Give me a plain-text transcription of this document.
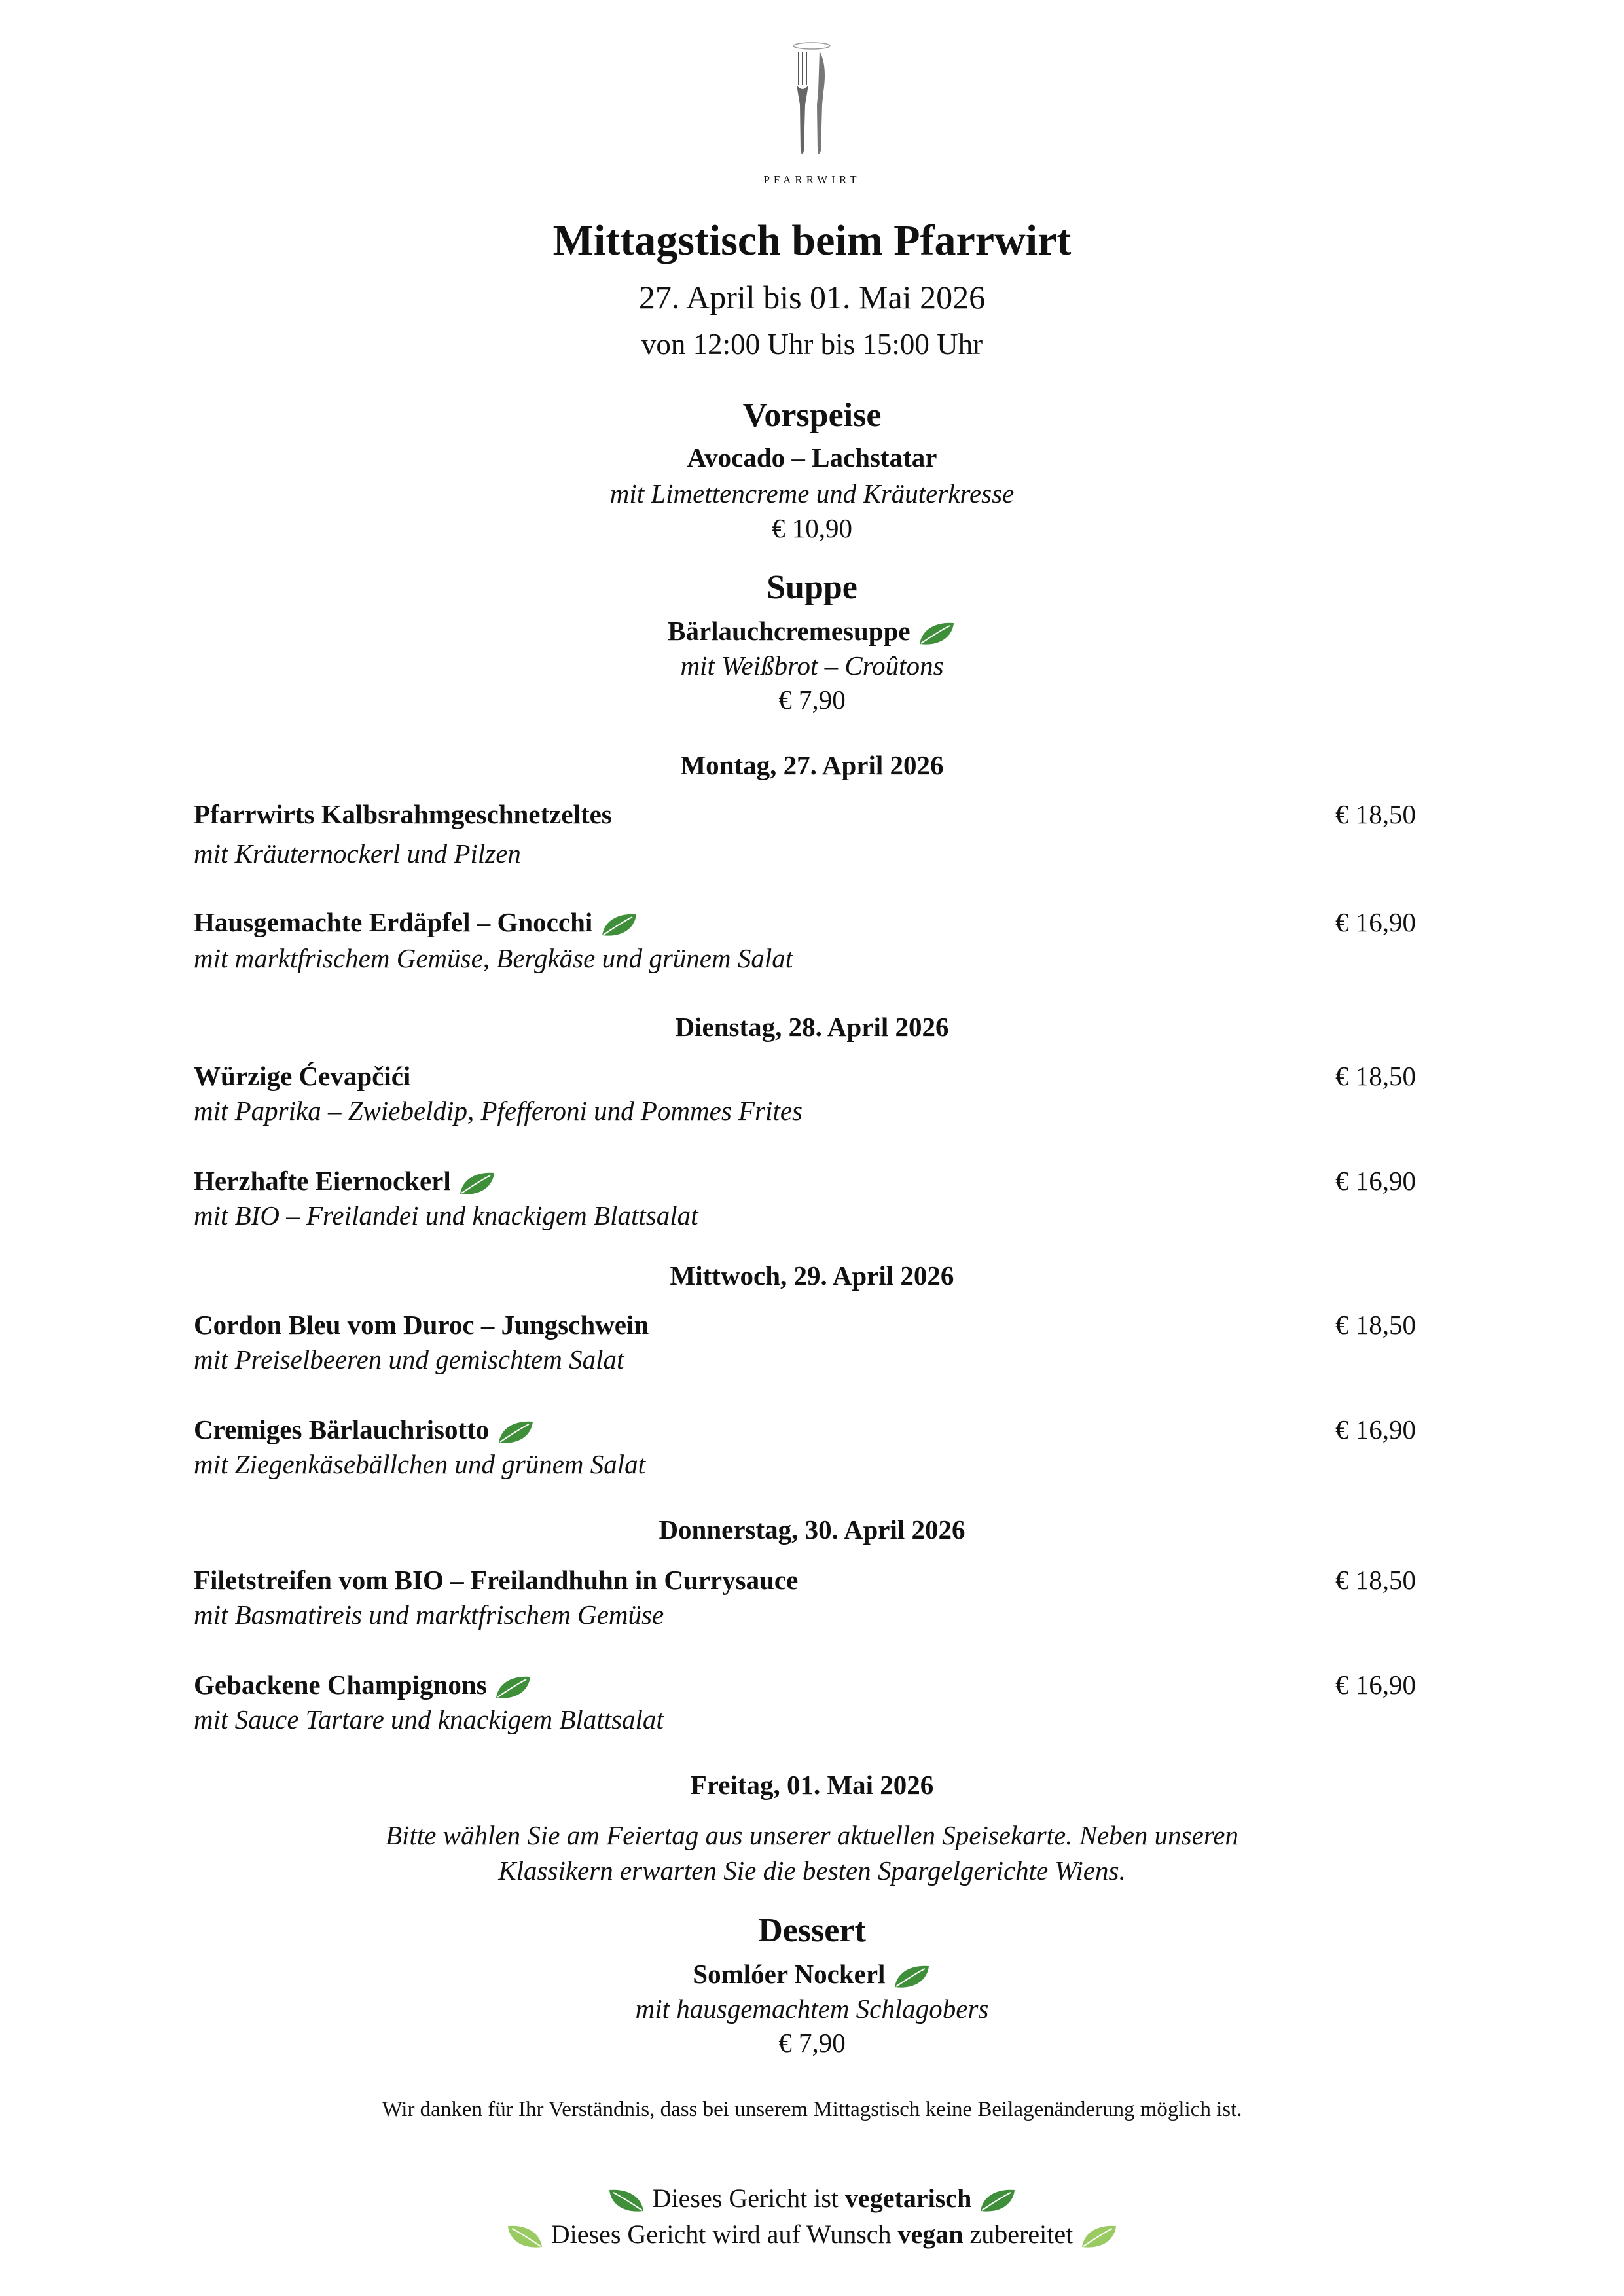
PFARRWIRT
Mittagstisch beim Pfarrwirt
27. April bis 01. Mai 2026
von 12:00 Uhr bis 15:00 Uhr
Vorspeise
Avocado – Lachstatar
mit Limettencreme und Kräuterkresse
€ 10,90
Suppe
Bärlauchcremesuppe
mit Weißbrot – Croûtons
€ 7,90
Montag, 27. April 2026
Pfarrwirts Kalbsrahmgeschnetzeltes	€ 18,50
mit Kräuternockerl und Pilzen
Hausgemachte Erdäpfel – Gnocchi	€ 16,90
mit marktfrischem Gemüse, Bergkäse und grünem Salat
Dienstag, 28. April 2026
Würzige Ćevapčići	€ 18,50
mit Paprika – Zwiebeldip, Pfefferoni und Pommes Frites
Herzhafte Eiernockerl	€ 16,90
mit BIO – Freilandei und knackigem Blattsalat
Mittwoch, 29. April 2026
Cordon Bleu vom Duroc – Jungschwein	€ 18,50
mit Preiselbeeren und gemischtem Salat
Cremiges Bärlauchrisotto	€ 16,90
mit Ziegenkäsebällchen und grünem Salat
Donnerstag, 30. April 2026
Filetstreifen vom BIO – Freilandhuhn in Currysauce	€ 18,50
mit Basmatireis und marktfrischem Gemüse
Gebackene Champignons	€ 16,90
mit Sauce Tartare und knackigem Blattsalat
Freitag, 01. Mai 2026
Bitte wählen Sie am Feiertag aus unserer aktuellen Speisekarte. Neben unseren
Klassikern erwarten Sie die besten Spargelgerichte Wiens.
Dessert
Somlóer Nockerl
mit hausgemachtem Schlagobers
€ 7,90
Wir danken für Ihr Verständnis, dass bei unserem Mittagstisch keine Beilagenänderung möglich ist.
Dieses Gericht ist vegetarisch
Dieses Gericht wird auf Wunsch vegan zubereitet
